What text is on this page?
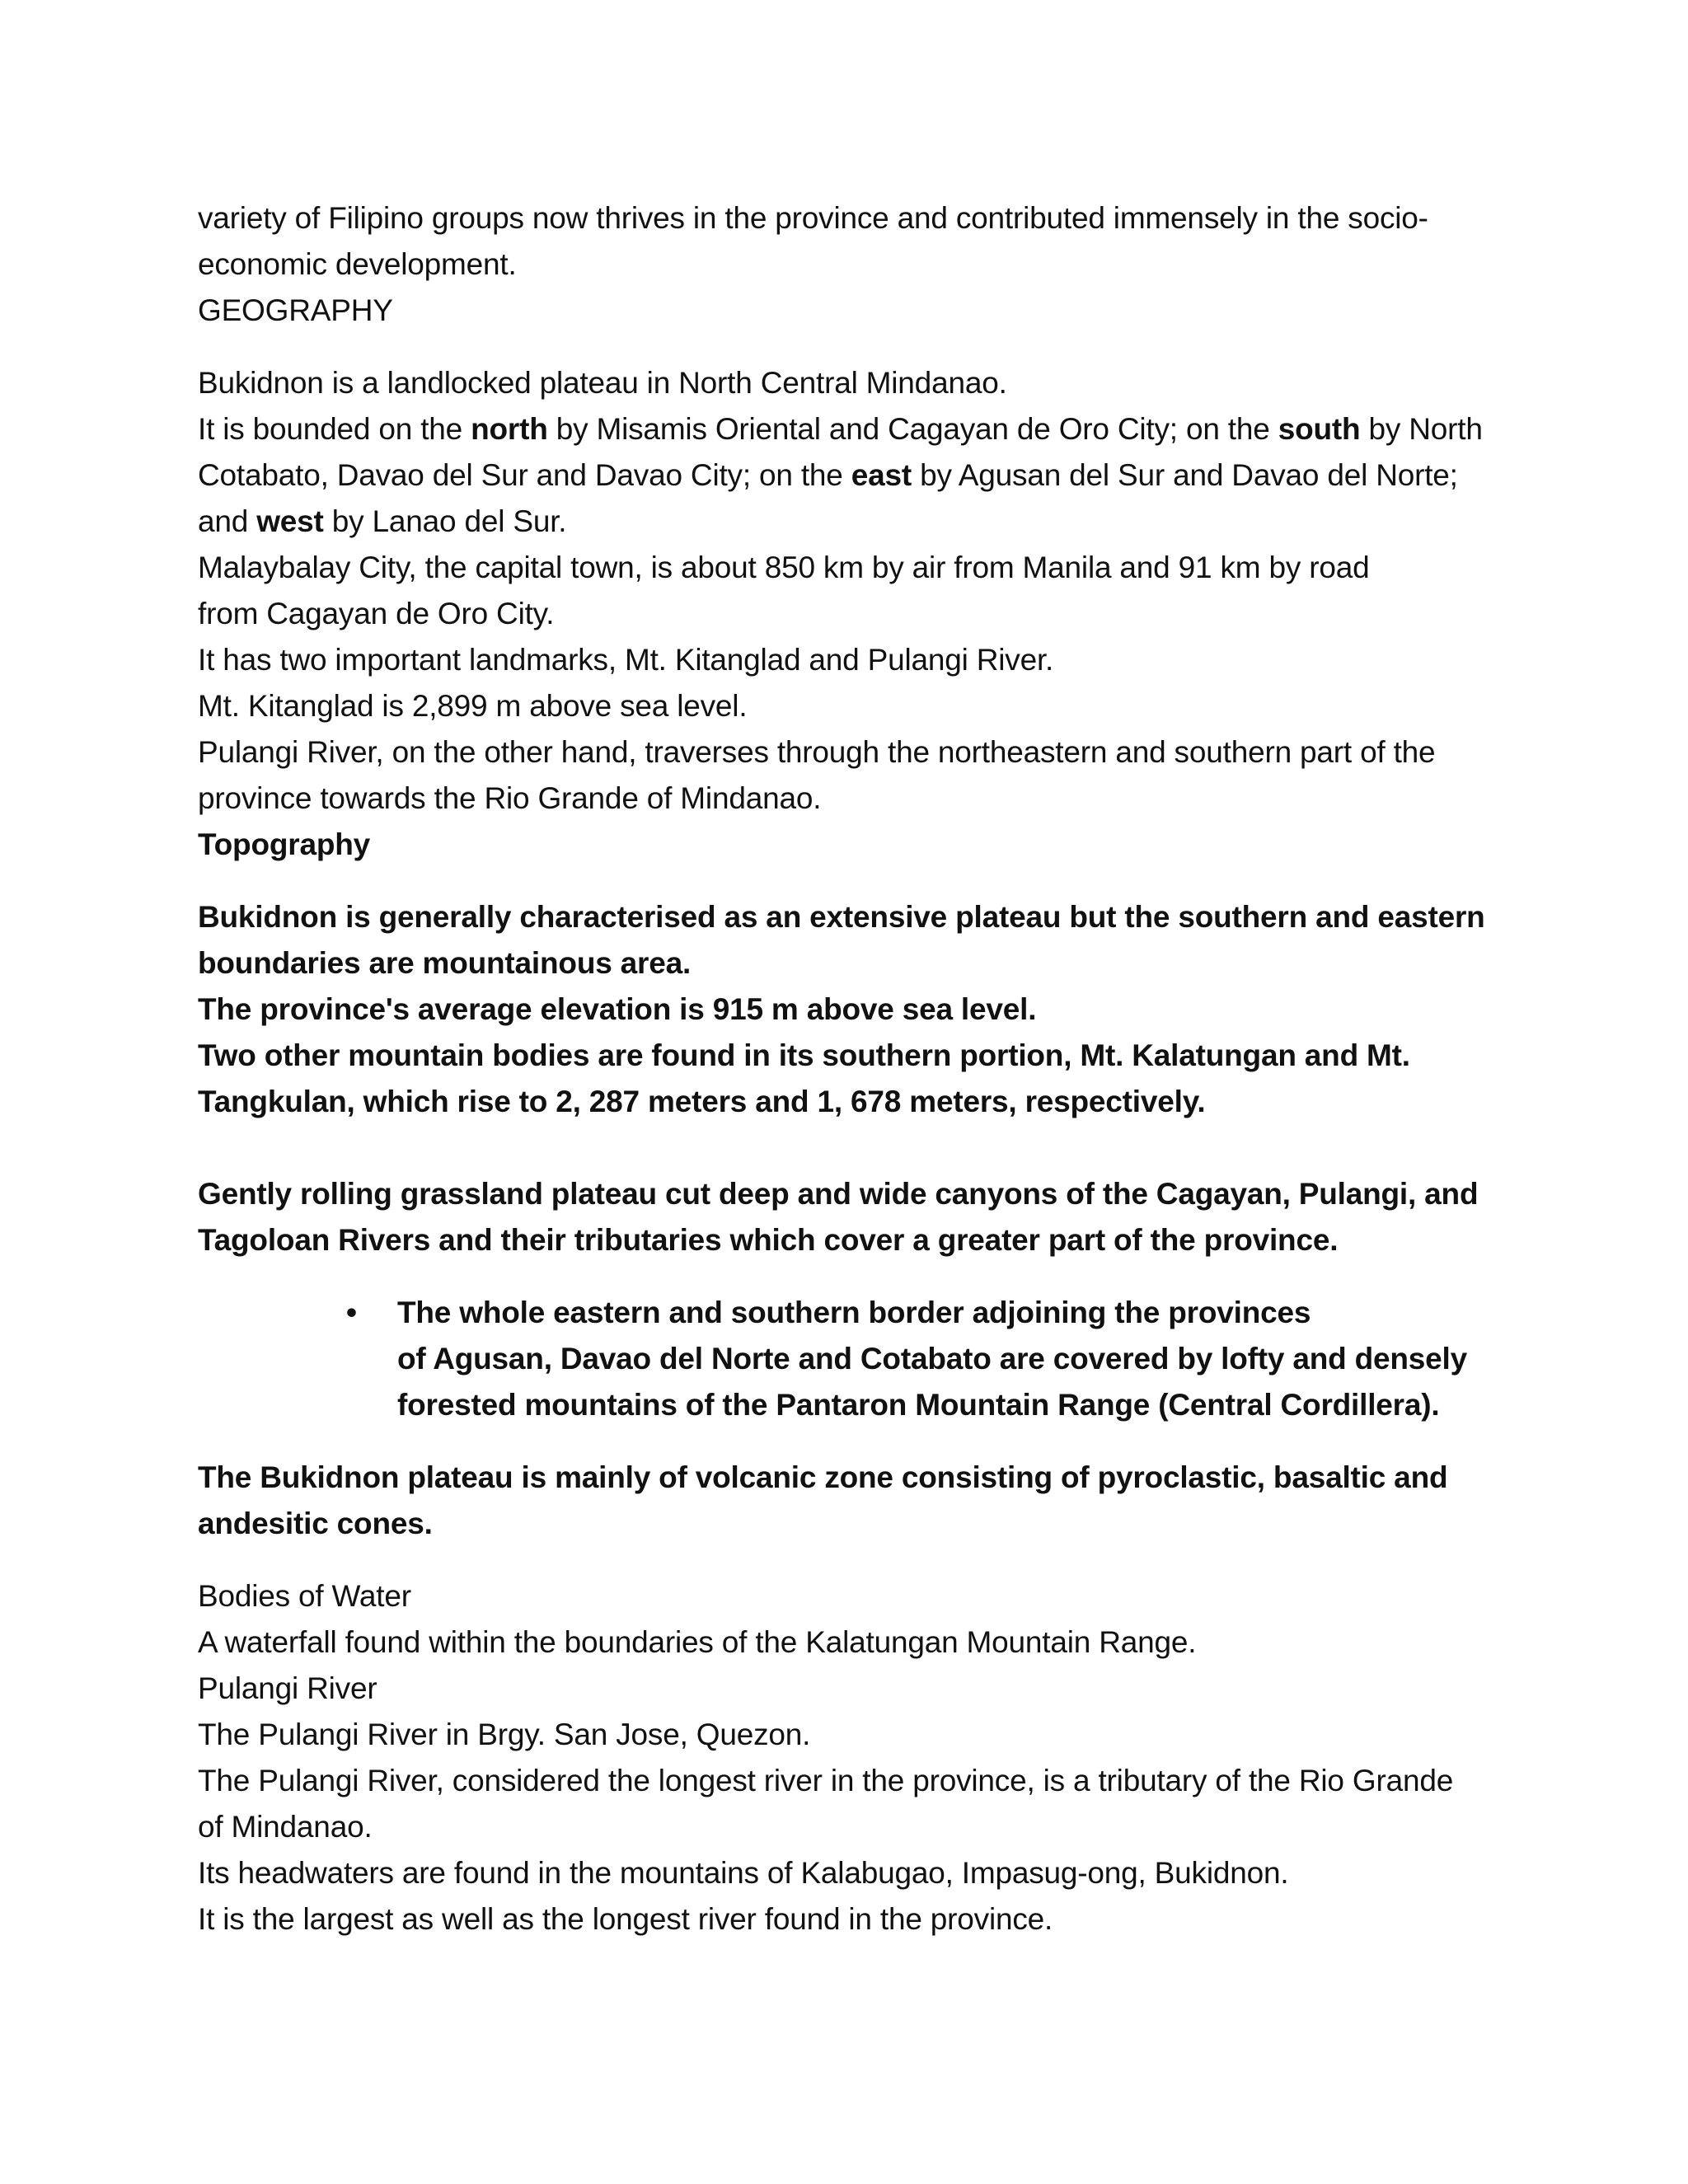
variety of Filipino groups now thrives in the province and contributed immensely in the socio-
economic development.
GEOGRAPHY
Bukidnon is a landlocked plateau in North Central Mindanao.
It is bounded on the north by Misamis Oriental and Cagayan de Oro City; on the south by North
Cotabato, Davao del Sur and Davao City; on the east by Agusan del Sur and Davao del Norte;
and west by Lanao del Sur.
Malaybalay City, the capital town, is about 850 km by air from Manila and 91 km by road
from Cagayan de Oro City.
It has two important landmarks, Mt. Kitanglad and Pulangi River.
Mt. Kitanglad is 2,899 m above sea level.
Pulangi River, on the other hand, traverses through the northeastern and southern part of the
province towards the Rio Grande of Mindanao.
Topography
Bukidnon is generally characterised as an extensive plateau but the southern and eastern
boundaries are mountainous area.
The province's average elevation is 915 m above sea level.
Two other mountain bodies are found in its southern portion, Mt. Kalatungan and Mt.
Tangkulan, which rise to 2, 287 meters and 1, 678 meters, respectively.
Gently rolling grassland plateau cut deep and wide canyons of the Cagayan, Pulangi, and
Tagoloan Rivers and their tributaries which cover a greater part of the province.
• The whole eastern and southern border adjoining the provinces
of Agusan, Davao del Norte and Cotabato are covered by lofty and densely
forested mountains of the Pantaron Mountain Range (Central Cordillera).
The Bukidnon plateau is mainly of volcanic zone consisting of pyroclastic, basaltic and
andesitic cones.
Bodies of Water
A waterfall found within the boundaries of the Kalatungan Mountain Range.
Pulangi River
The Pulangi River in Brgy. San Jose, Quezon.
The Pulangi River, considered the longest river in the province, is a tributary of the Rio Grande
of Mindanao.
Its headwaters are found in the mountains of Kalabugao, Impasug-ong, Bukidnon.
It is the largest as well as the longest river found in the province.
